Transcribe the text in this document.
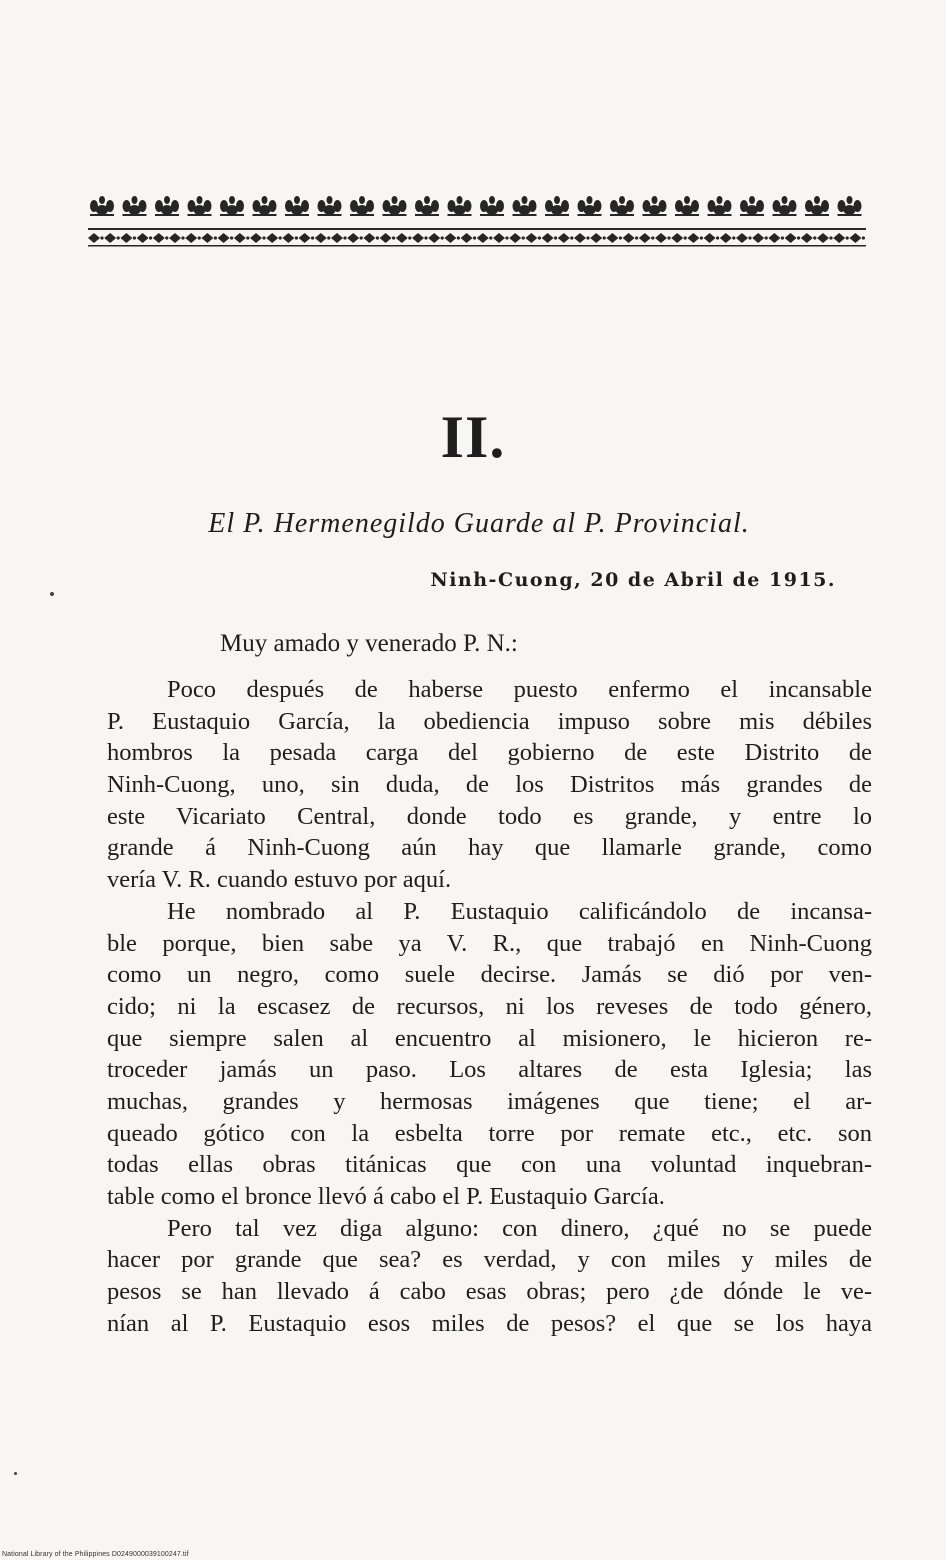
II.
El P. Hermenegildo Guarde al P. Provincial.
Ninh-Cuong, 20 de Abril de 1915.
Muy amado y venerado P. N.:
Poco después de haberse puesto enfermo el incansable
P. Eustaquio García, la obediencia impuso sobre mis débiles
hombros la pesada carga del gobierno de este Distrito de
Ninh-Cuong, uno, sin duda, de los Distritos más grandes de
este Vicariato Central, donde todo es grande, y entre lo
grande á Ninh-Cuong aún hay que llamarle grande, como
vería V. R. cuando estuvo por aquí.
He nombrado al P. Eustaquio calificándolo de incansa-
ble porque, bien sabe ya V. R., que trabajó en Ninh-Cuong
como un negro, como suele decirse. Jamás se dió por ven-
cido; ni la escasez de recursos, ni los reveses de todo género,
que siempre salen al encuentro al misionero, le hicieron re-
troceder jamás un paso. Los altares de esta Iglesia; las
muchas, grandes y hermosas imágenes que tiene; el ar-
queado gótico con la esbelta torre por remate etc., etc. son
todas ellas obras titánicas que con una voluntad inquebran-
table como el bronce llevó á cabo el P. Eustaquio García.
Pero tal vez diga alguno: con dinero, ¿qué no se puede
hacer por grande que sea? es verdad, y con miles y miles de
pesos se han llevado á cabo esas obras; pero ¿de dónde le ve-
nían al P. Eustaquio esos miles de pesos? el que se los haya
National Library of the Philippines D0249000039100247.tif
